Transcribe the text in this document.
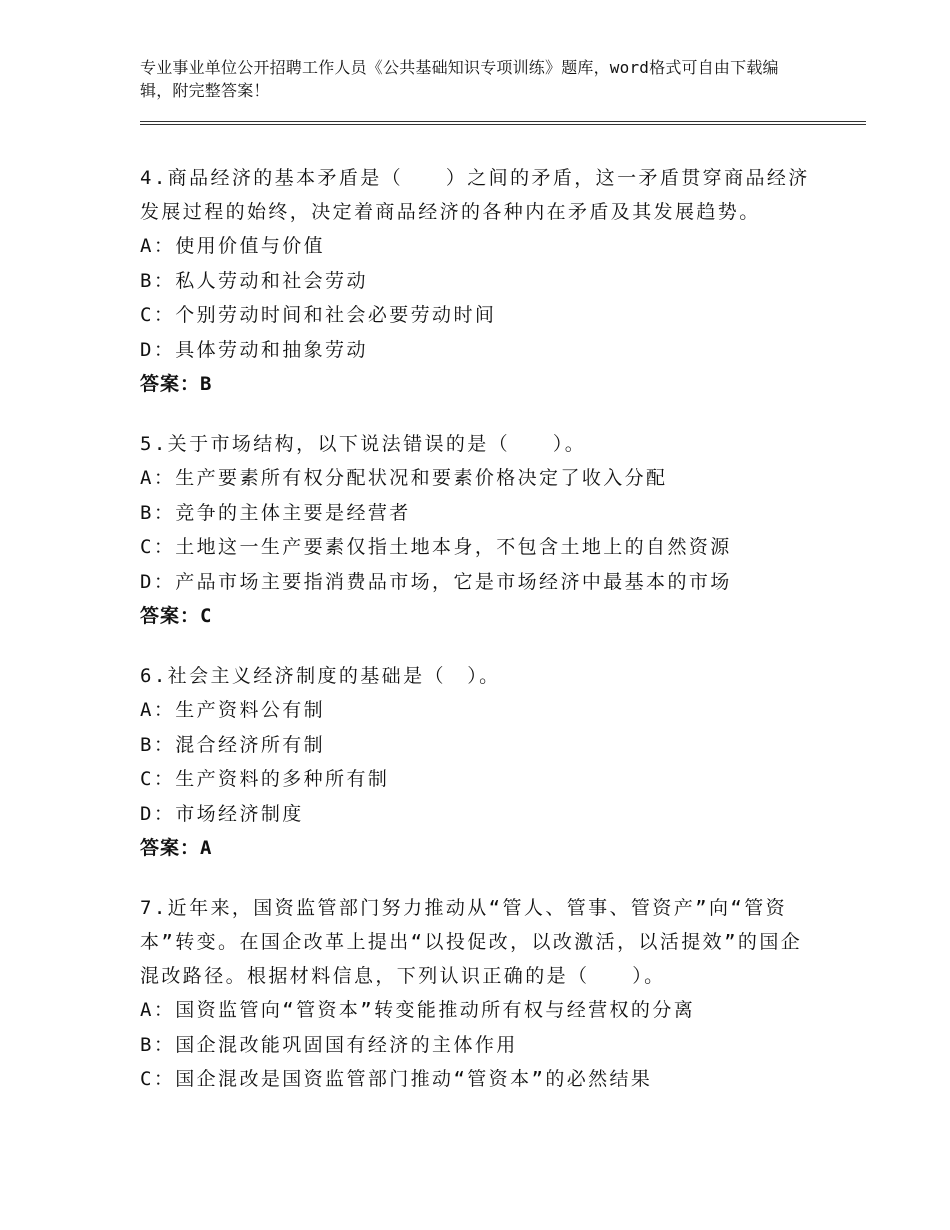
专业事业单位公开招聘工作人员《公共基础知识专项训练》题库，word格式可自由下载编辑，附完整答案！

4.商品经济的基本矛盾是（　　）之间的矛盾，这一矛盾贯穿商品经济发展过程的始终，决定着商品经济的各种内在矛盾及其发展趋势。

A：使用价值与价值

B：私人劳动和社会劳动

C：个别劳动时间和社会必要劳动时间

D：具体劳动和抽象劳动

答案：B

5.关于市场结构，以下说法错误的是（　　）。

A：生产要素所有权分配状况和要素价格决定了收入分配

B：竞争的主体主要是经营者

C：土地这一生产要素仅指土地本身，不包含土地上的自然资源

D：产品市场主要指消费品市场，它是市场经济中最基本的市场

答案：C

6.社会主义经济制度的基础是（　）。

A：生产资料公有制

B：混合经济所有制

C：生产资料的多种所有制

D：市场经济制度

答案：A

7.近年来，国资监管部门努力推动从“管人、管事、管资产”向“管资本”转变。在国企改革上提出“以投促改，以改激活，以活提效”的国企混改路径。根据材料信息，下列认识正确的是（　　）。

A：国资监管向“管资本”转变能推动所有权与经营权的分离

B：国企混改能巩固国有经济的主体作用

C：国企混改是国资监管部门推动“管资本”的必然结果
